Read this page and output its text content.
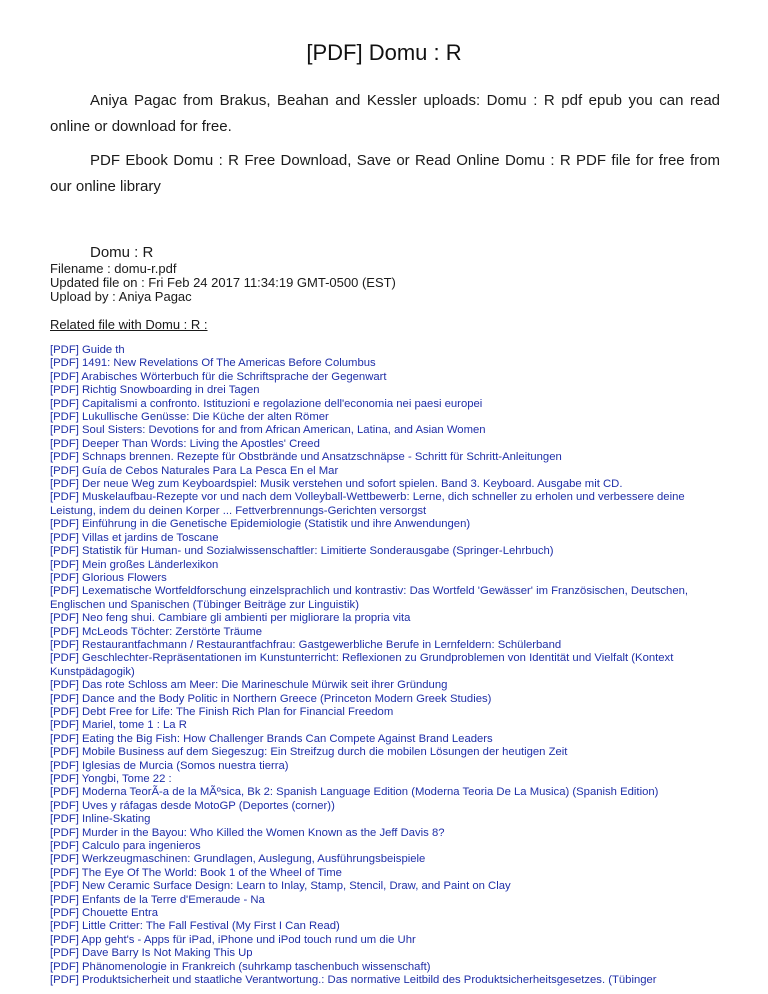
[PDF] Domu : R

Aniya Pagac from Brakus, Beahan and Kessler uploads: Domu : R pdf epub you can read online or download for free.

PDF Ebook Domu : R Free Download, Save or Read Online Domu : R PDF file for free from our online library

Domu : R

Filename : domu-r.pdf
Updated file on : Fri Feb 24 2017 11:34:19 GMT-0500 (EST)
Upload by : Aniya Pagac
Related file with Domu : R :
[PDF] Guide th
[PDF] 1491: New Revelations Of The Americas Before Columbus
[PDF] Arabisches Wörterbuch für die Schriftsprache der Gegenwart
[PDF] Richtig Snowboarding in drei Tagen
[PDF] Capitalismi a confronto. Istituzioni e regolazione dell'economia nei paesi europei
[PDF] Lukullische Genüsse: Die Küche der alten Römer
[PDF] Soul Sisters: Devotions for and from African American, Latina, and Asian Women
[PDF] Deeper Than Words: Living the Apostles' Creed
[PDF] Schnaps brennen. Rezepte für Obstbrände und Ansatzschnäpse - Schritt für Schritt-Anleitungen
[PDF] Guía de Cebos Naturales Para La Pesca En el Mar
[PDF] Der neue Weg zum Keyboardspiel: Musik verstehen und sofort spielen. Band 3. Keyboard. Ausgabe mit CD.
[PDF] Muskelaufbau-Rezepte vor und nach dem Volleyball-Wettbewerb: Lerne, dich schneller zu erholen und verbessere deine Leistung, indem du deinen Korper ... Fettverbrennungs-Gerichten versorgst
[PDF] Einführung in die Genetische Epidemiologie (Statistik und ihre Anwendungen)
[PDF] Villas et jardins de Toscane
[PDF] Statistik für Human- und Sozialwissenschaftler: Limitierte Sonderausgabe (Springer-Lehrbuch)
[PDF] Mein großes Länderlexikon
[PDF] Glorious Flowers
[PDF] Lexematische Wortfeldforschung einzelsprachlich und kontrastiv: Das Wortfeld 'Gewässer' im Französischen, Deutschen, Englischen und Spanischen (Tübinger Beiträge zur Linguistik)
[PDF] Neo feng shui. Cambiare gli ambienti per migliorare la propria vita
[PDF] McLeods Töchter: Zerstörte Träume
[PDF] Restaurantfachmann / Restaurantfachfrau: Gastgewerbliche Berufe in Lernfeldern: Schülerband
[PDF] Geschlechter-Repräsentationen im Kunstunterricht: Reflexionen zu Grundproblemen von Identität und Vielfalt (Kontext Kunstpädagogik)
[PDF] Das rote Schloss am Meer: Die Marineschule Mürwik seit ihrer Gründung
[PDF] Dance and the Body Politic in Northern Greece (Princeton Modern Greek Studies)
[PDF] Debt Free for Life: The Finish Rich Plan for Financial Freedom
[PDF] Mariel, tome 1 : La R
[PDF] Eating the Big Fish: How Challenger Brands Can Compete Against Brand Leaders
[PDF] Mobile Business auf dem Siegeszug: Ein Streifzug durch die mobilen Lösungen der heutigen Zeit
[PDF] Iglesias de Murcia (Somos nuestra tierra)
[PDF] Yongbi, Tome 22 :
[PDF] Moderna TeorÃ-a de la MÃºsica, Bk 2: Spanish Language Edition (Moderna Teoria De La Musica) (Spanish Edition)
[PDF] Uves y ráfagas desde MotoGP (Deportes (corner))
[PDF] Inline-Skating
[PDF] Murder in the Bayou: Who Killed the Women Known as the Jeff Davis 8?
[PDF] Calculo para ingenieros
[PDF] Werkzeugmaschinen: Grundlagen, Auslegung, Ausführungsbeispiele
[PDF] The Eye Of The World: Book 1 of the Wheel of Time
[PDF] New Ceramic Surface Design: Learn to Inlay, Stamp, Stencil, Draw, and Paint on Clay
[PDF] Enfants de la Terre d'Emeraude - Na
[PDF] Chouette Entra
[PDF] Little Critter: The Fall Festival (My First I Can Read)
[PDF] App geht's - Apps für iPad, iPhone und iPod touch rund um die Uhr
[PDF] Dave Barry Is Not Making This Up
[PDF] Phänomenologie in Frankreich (suhrkamp taschenbuch wissenschaft)
[PDF] Produktsicherheit und staatliche Verantwortung.: Das normative Leitbild des Produktsicherheitsgesetzes. (Tübinger
